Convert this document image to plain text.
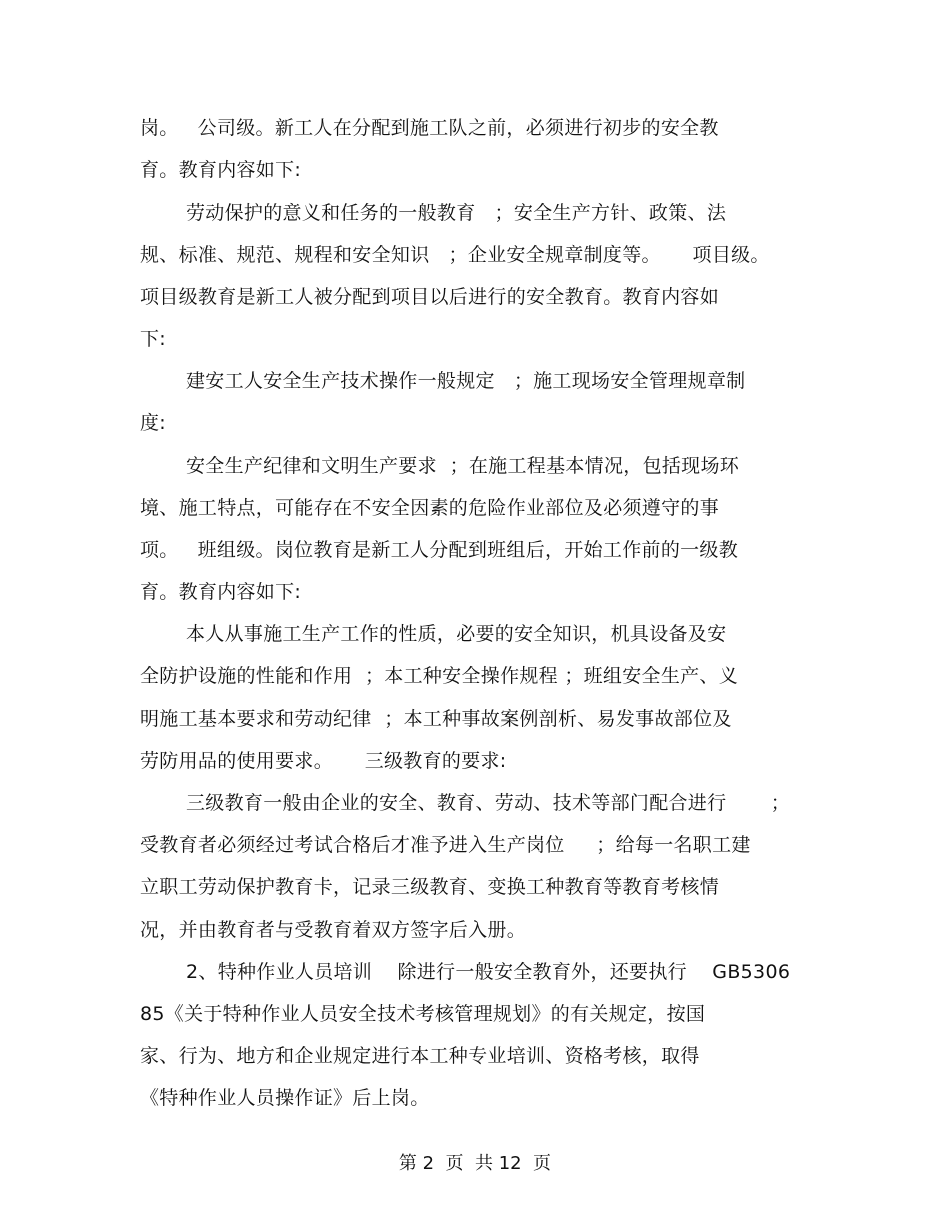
岗。   公司级。新工人在分配到施工队之前，必须进行初步的安全教
育。教育内容如下:
劳动保护的意义和任务的一般教育   ；安全生产方针、政策、法
规、标准、规范、规程和安全知识   ；企业安全规章制度等。     项目级。
项目级教育是新工人被分配到项目以后进行的安全教育。教育内容如
下:
建安工人安全生产技术操作一般规定   ；施工现场安全管理规章制
度:
安全生产纪律和文明生产要求  ；在施工程基本情况，包括现场环
境、施工特点，可能存在不安全因素的危险作业部位及必须遵守的事
项。   班组级。岗位教育是新工人分配到班组后，开始工作前的一级教
育。教育内容如下:
本人从事施工生产工作的性质，必要的安全知识，机具设备及安
全防护设施的性能和作用  ；本工种安全操作规程 ；班组安全生产、义
明施工基本要求和劳动纪律  ；本工种事故案例剖析、易发事故部位及
劳防用品的使用要求。     三级教育的要求:
三级教育一般由企业的安全、教育、劳动、技术等部门配合进行       ；
受教育者必须经过考试合格后才准予进入生产岗位     ；给每一名职工建
立职工劳动保护教育卡，记录三级教育、变换工种教育等教育考核情
况，并由教育者与受教育着双方签字后入册。
2、特种作业人员培训    除进行一般安全教育外，还要执行    GB5306
85《关于特种作业人员安全技术考核管理规划》的有关规定，按国
家、行为、地方和企业规定进行本工种专业培训、资格考核，取得
《特种作业人员操作证》后上岗。
第 2  页  共 12  页
